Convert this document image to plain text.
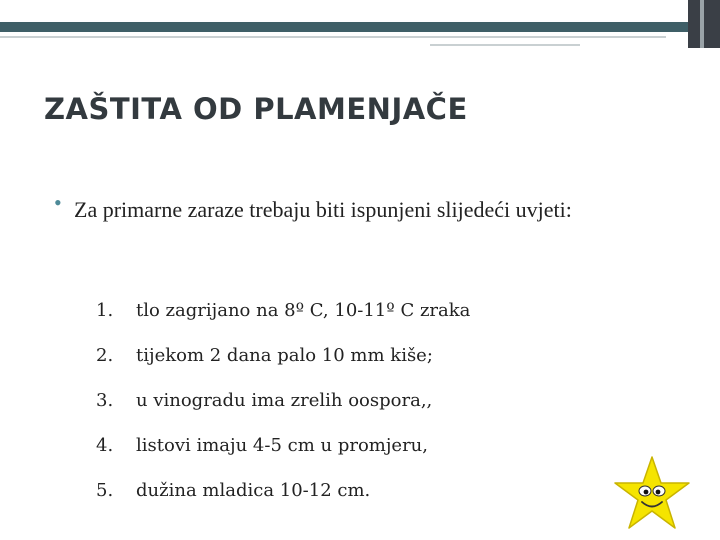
ZAŠTITA OD PLAMENJAČE
• Za primarne zaraze trebaju biti ispunjeni slijedeći uvjeti:
1.	tlo zagrijano na 8º C, 10-11º C zraka
2.	tijekom 2 dana palo 10 mm kiše;
3.	u vinogradu ima zrelih oospora,,
4.	listovi imaju 4-5 cm u promjeru,
5.	dužina mladica 10-12 cm.
